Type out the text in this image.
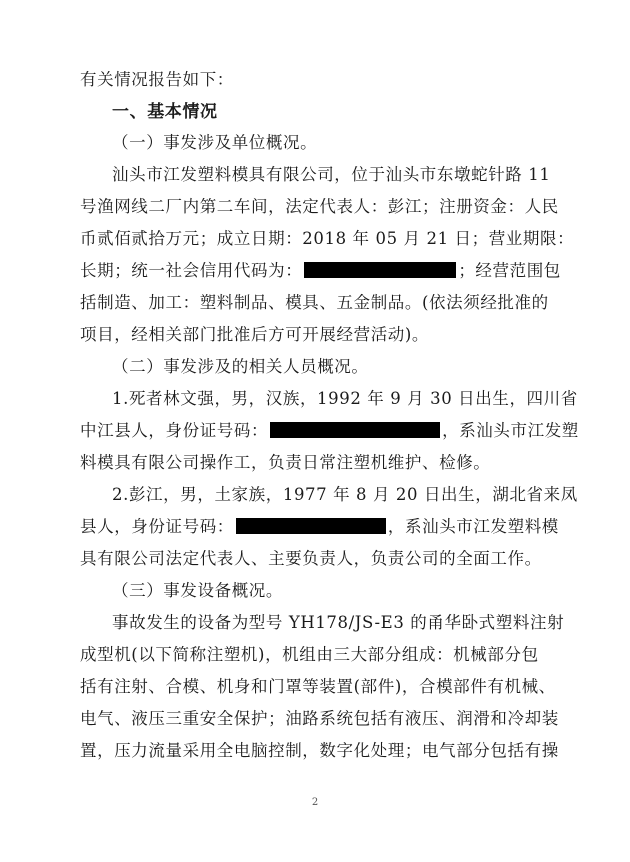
有关情况报告如下：
一、基本情况
（一）事发涉及单位概况。
汕头市江发塑料模具有限公司，位于汕头市东墩蛇针路 11
号渔网线二厂内第二车间，法定代表人：彭江；注册资金：人民
币贰佰贰拾万元；成立日期：2018 年 05 月 21 日；营业期限：
长期；统一社会信用代码为：	；经营范围包
括制造、加工：塑料制品、模具、五金制品。(依法须经批准的
项目，经相关部门批准后方可开展经营活动)。
（二）事发涉及的相关人员概况。
1.死者林文强，男，汉族，1992 年 9 月 30 日出生，四川省
中江县人，身份证号码：	，系汕头市江发塑
料模具有限公司操作工，负责日常注塑机维护、检修。
2.彭江，男，土家族，1977 年 8 月 20 日出生，湖北省来凤
县人，身份证号码：	，系汕头市江发塑料模
具有限公司法定代表人、主要负责人，负责公司的全面工作。
（三）事发设备概况。
事故发生的设备为型号 YH178/JS-E3 的甬华卧式塑料注射
成型机(以下简称注塑机)，机组由三大部分组成：机械部分包
括有注射、合模、机身和门罩等装置(部件)，合模部件有机械、
电气、液压三重安全保护；油路系统包括有液压、润滑和冷却装
置，压力流量采用全电脑控制，数字化处理；电气部分包括有操
2
